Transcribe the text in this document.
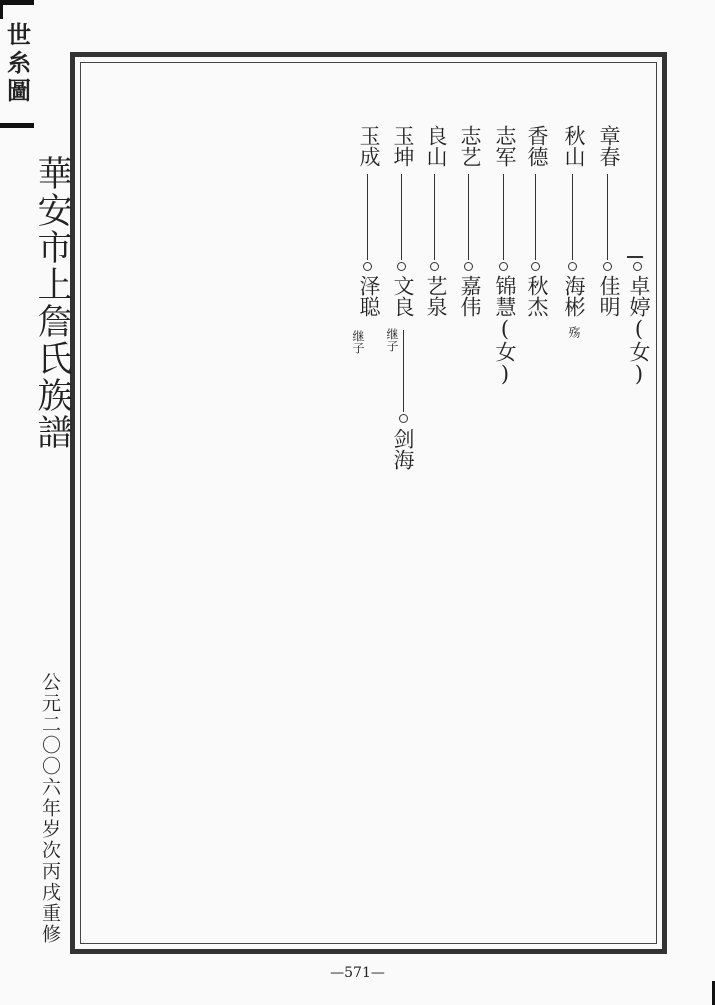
華安市上詹氏族譜
世糸圖
公元二〇〇六年岁次丙戌重修
章春
佳明 卓婷(女)
秋山
海彬
殇
香德
秋杰
志军
锦慧(女)
志艺
嘉伟
良山
艺泉
玉坤
文良
继子
剑海
玉成
泽聪
继子
—571—
